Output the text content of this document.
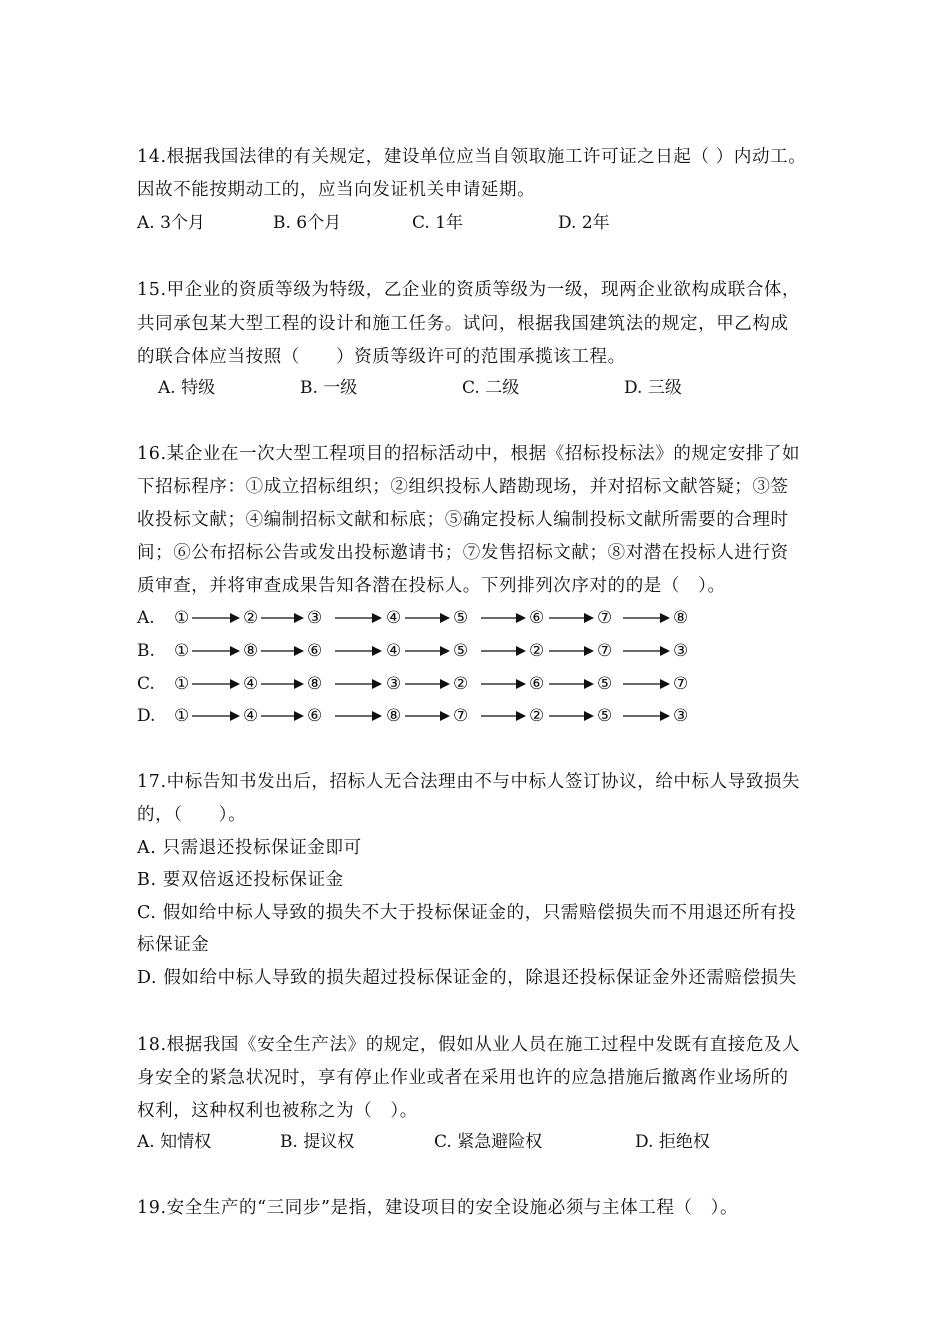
14.根据我国法律的有关规定，建设单位应当自领取施工许可证之日起（ ）内动工。
因故不能按期动工的，应当向发证机关申请延期。
A. 3个月	B. 6个月	C. 1年	D. 2年
15.甲企业的资质等级为特级，乙企业的资质等级为一级，现两企业欲构成联合体，
共同承包某大型工程的设计和施工任务。试问，根据我国建筑法的规定，甲乙构成
的联合体应当按照（　　）资质等级许可的范围承揽该工程。
A. 特级	B. 一级	C. 二级	D. 三级
16.某企业在一次大型工程项目的招标活动中，根据《招标投标法》的规定安排了如
下招标程序：①成立招标组织；②组织投标人踏勘现场，并对招标文献答疑；③签
收投标文献；④编制招标文献和标底；⑤确定投标人编制投标文献所需要的合理时
间；⑥公布招标公告或发出投标邀请书；⑦发售招标文献；⑧对潜在投标人进行资
质审查，并将审查成果告知各潜在投标人。下列排列次序对的的是（　）。
A. ①	②	③	④	⑤	⑥	⑦	⑧
B. ①	⑧	⑥	④	⑤	②	⑦	③
C. ①	④	⑧	③	②	⑥	⑤	⑦
D. ①	④	⑥	⑧	⑦	②	⑤	③
17.中标告知书发出后，招标人无合法理由不与中标人签订协议，给中标人导致损失
的，（　　）。
A. 只需退还投标保证金即可
B. 要双倍返还投标保证金
C. 假如给中标人导致的损失不大于投标保证金的，只需赔偿损失而不用退还所有投
标保证金
D. 假如给中标人导致的损失超过投标保证金的，除退还投标保证金外还需赔偿损失
18.根据我国《安全生产法》的规定，假如从业人员在施工过程中发既有直接危及人
身安全的紧急状况时，享有停止作业或者在采用也许的应急措施后撤离作业场所的
权利，这种权利也被称之为（　）。
A. 知情权	B. 提议权	C. 紧急避险权	D. 拒绝权
19.安全生产的“三同步”是指，建设项目的安全设施必须与主体工程（　）。
